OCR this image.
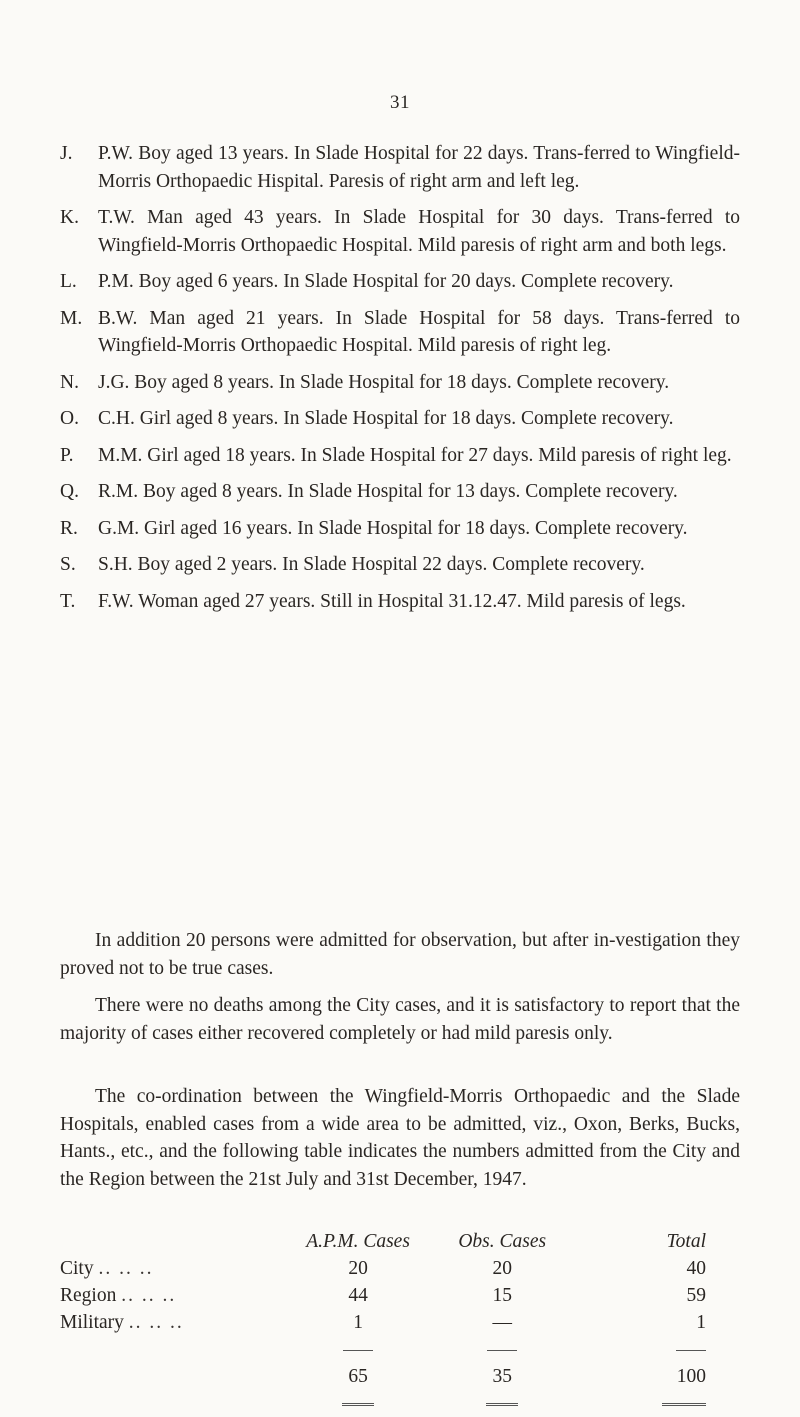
31
J.	P.W. Boy aged 13 years. In Slade Hospital for 22 days. Trans-ferred to Wingfield-Morris Orthopaedic Hispital. Paresis of right arm and left leg.
K. T.W. Man aged 43 years. In Slade Hospital for 30 days. Trans-ferred to Wingfield-Morris Orthopaedic Hospital. Mild paresis of right arm and both legs.
L.	P.M. Boy aged 6 years. In Slade Hospital for 20 days. Complete recovery.
M. B.W. Man aged 21 years. In Slade Hospital for 58 days. Trans-ferred to Wingfield-Morris Orthopaedic Hospital. Mild paresis of right leg.
N. J.G. Boy aged 8 years. In Slade Hospital for 18 days. Complete recovery.
O. C.H. Girl aged 8 years. In Slade Hospital for 18 days. Complete recovery.
P.	M.M. Girl aged 18 years. In Slade Hospital for 27 days. Mild paresis of right leg.
Q. R.M. Boy aged 8 years. In Slade Hospital for 13 days. Complete recovery.
R.	G.M. Girl aged 16 years. In Slade Hospital for 18 days. Complete recovery.
S.	S.H. Boy aged 2 years. In Slade Hospital 22 days. Complete recovery.
T.	F.W. Woman aged 27 years. Still in Hospital 31.12.47. Mild paresis of legs.

In addition 20 persons were admitted for observation, but after in-vestigation they proved not to be true cases.

There were no deaths among the City cases, and it is satisfactory to report that the majority of cases either recovered completely or had mild paresis only.

The co-ordination between the Wingfield-Morris Orthopaedic and the Slade Hospitals, enabled cases from a wide area to be admitted, viz., Oxon, Berks, Bucks, Hants., etc., and the following table indicates the numbers admitted from the City and the Region between the 21st July and 31st December, 1947.

	A.P.M. Cases	Obs. Cases	Total
City .. .. ..	20	20	40
Region .. .. ..	44	15	59
Military .. .. ..	1	—	1

	65	35	100
